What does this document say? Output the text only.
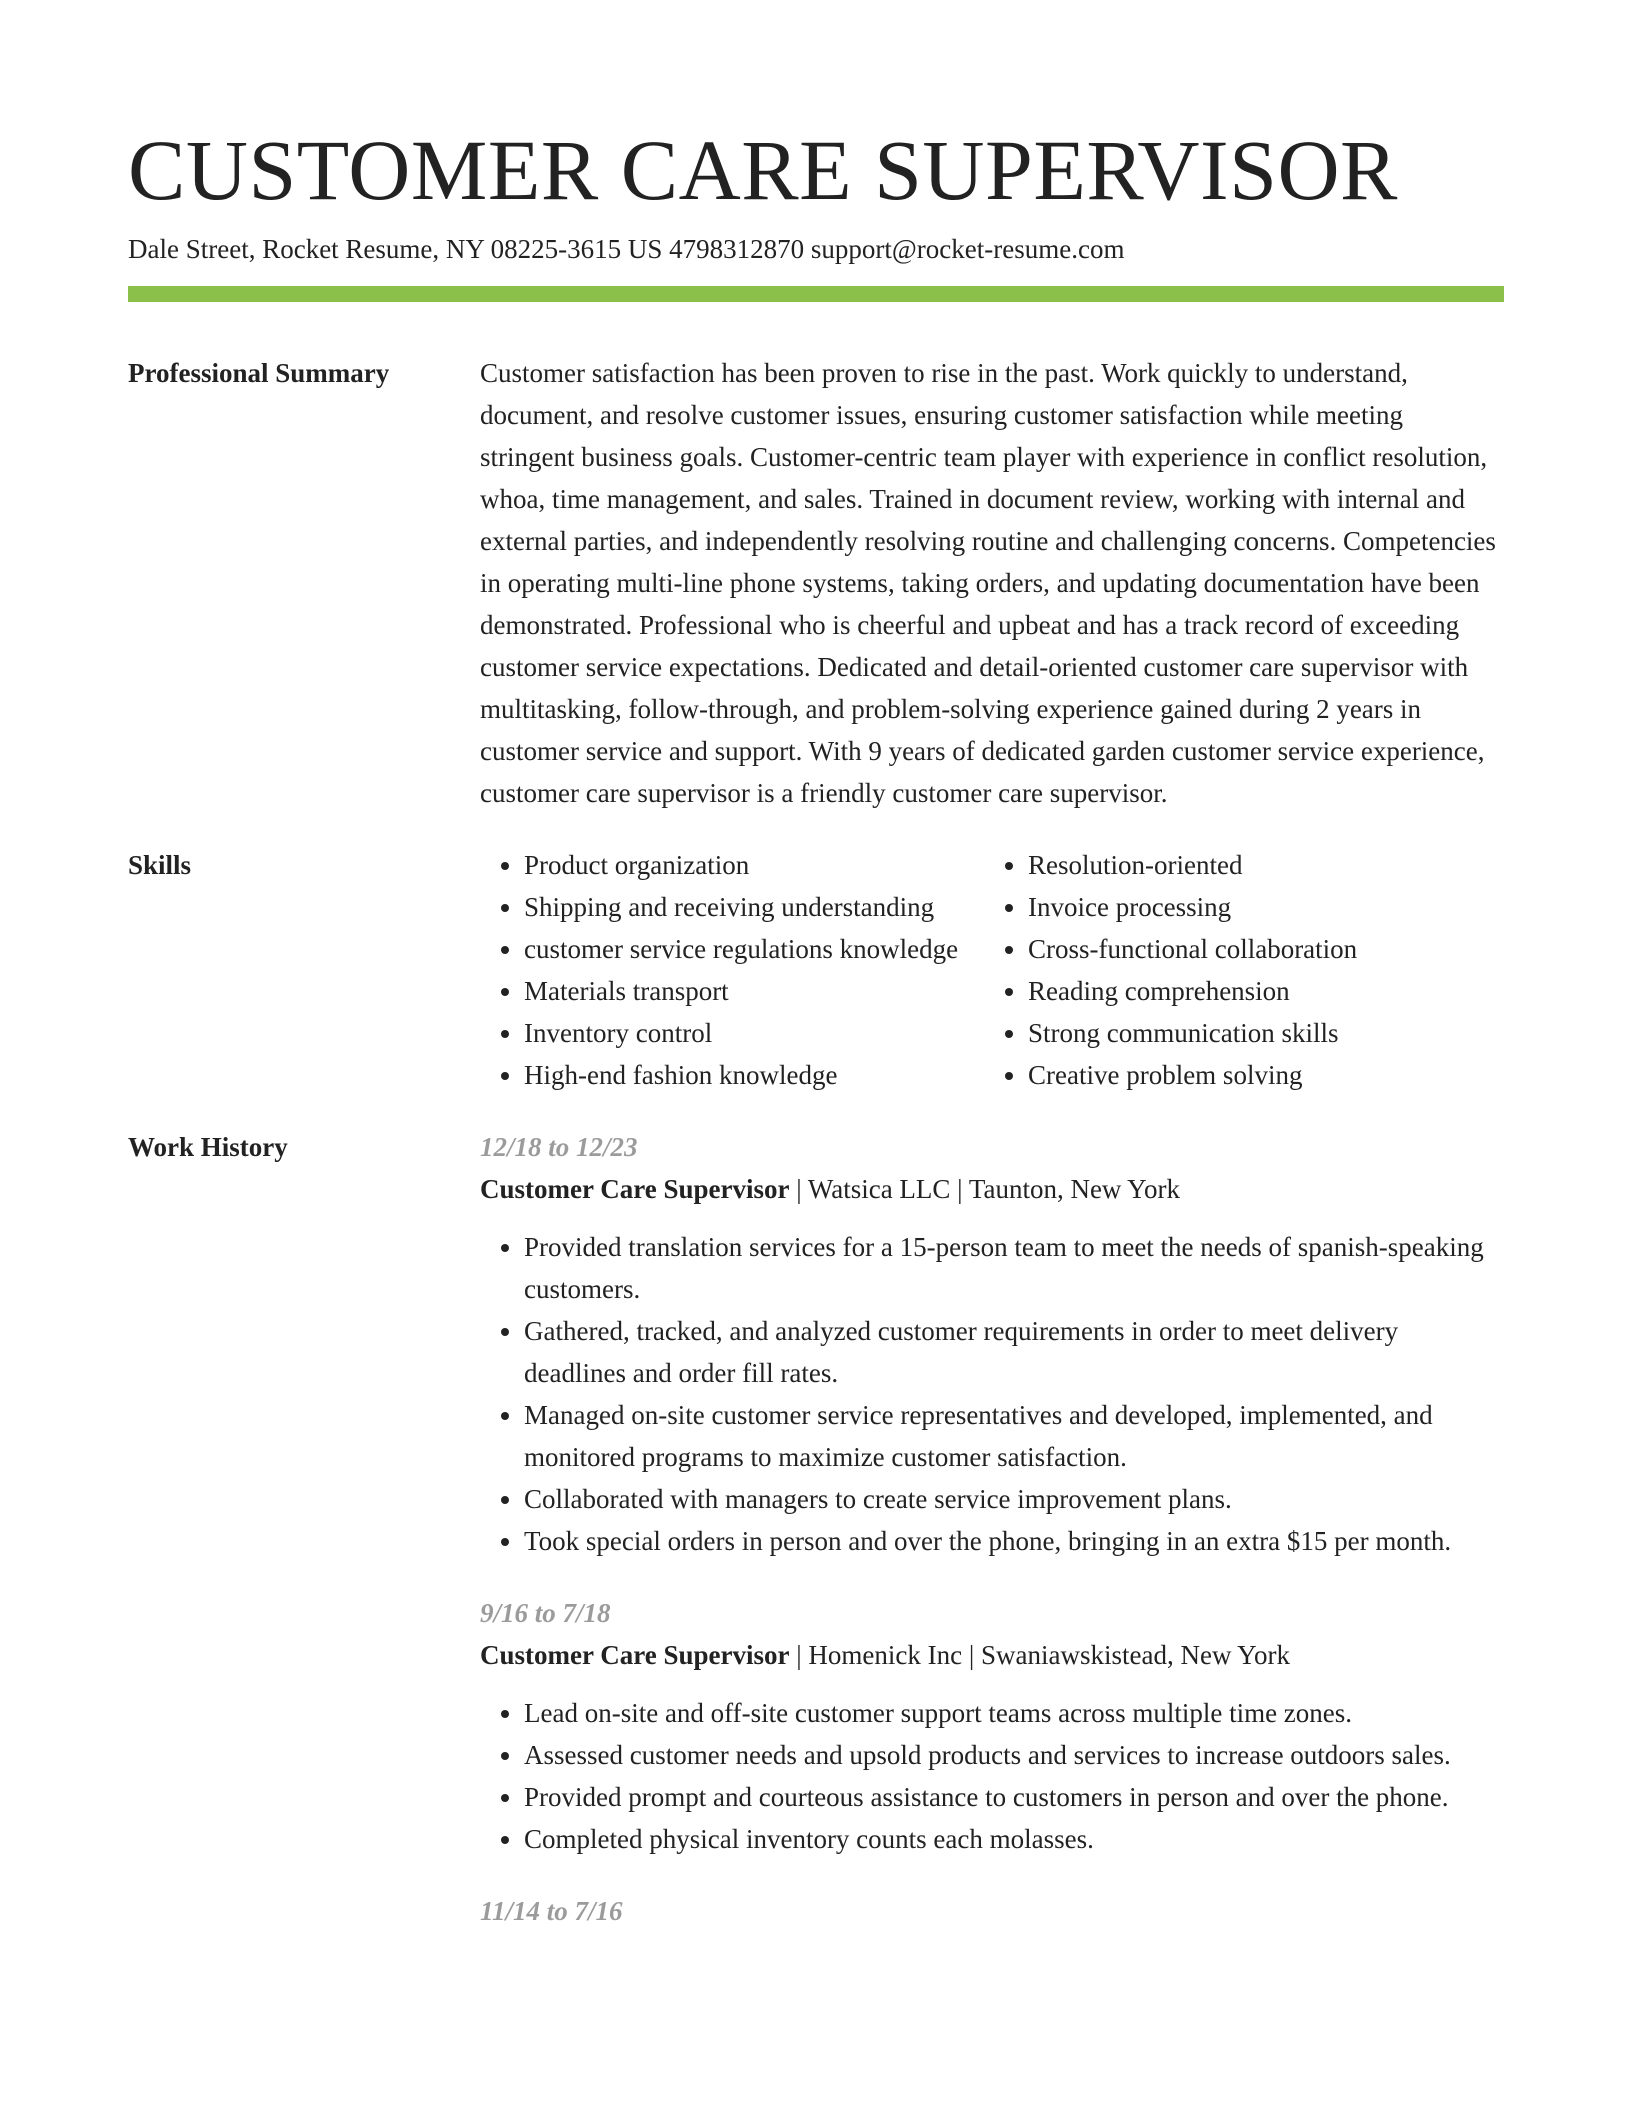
CUSTOMER CARE SUPERVISOR
Dale Street, Rocket Resume, NY 08225-3615 US 4798312870 support@rocket-resume.com
Professional Summary	Customer satisfaction has been proven to rise in the past. Work quickly to understand, document, and resolve customer issues, ensuring customer satisfaction while meeting stringent business goals. Customer-centric team player with experience in conflict resolution, whoa, time management, and sales. Trained in document review, working with internal and external parties, and independently resolving routine and challenging concerns. Competencies in operating multi-line phone systems, taking orders, and updating documentation have been demonstrated. Professional who is cheerful and upbeat and has a track record of exceeding customer service expectations. Dedicated and detail-oriented customer care supervisor with multitasking, follow-through, and problem-solving experience gained during 2 years in customer service and support. With 9 years of dedicated garden customer service experience, customer care supervisor is a friendly customer care supervisor.

Skills
•	Product organization
• Shipping and receiving understanding
• customer service regulations knowledge
• Materials transport
• Inventory control
• High-end fashion knowledge
• Resolution-oriented
• Invoice processing
• Cross-functional collaboration
• Reading comprehension
• Strong communication skills
• Creative problem solving
Work History	12/18 to 12/23
Customer Care Supervisor | Watsica LLC | Taunton, New York
• Provided translation services for a 15-person team to meet the needs of spanish-speaking customers.
• Gathered, tracked, and analyzed customer requirements in order to meet delivery deadlines and order fill rates.
• Managed on-site customer service representatives and developed, implemented, and monitored programs to maximize customer satisfaction.
• Collaborated with managers to create service improvement plans.
• Took special orders in person and over the phone, bringing in an extra $15 per month.
9/16 to 7/18
Customer Care Supervisor | Homenick Inc | Swaniawskistead, New York
• Lead on-site and off-site customer support teams across multiple time zones.
• Assessed customer needs and upsold products and services to increase outdoors sales.
• Provided prompt and courteous assistance to customers in person and over the phone.
• Completed physical inventory counts each molasses.
11/14 to 7/16
